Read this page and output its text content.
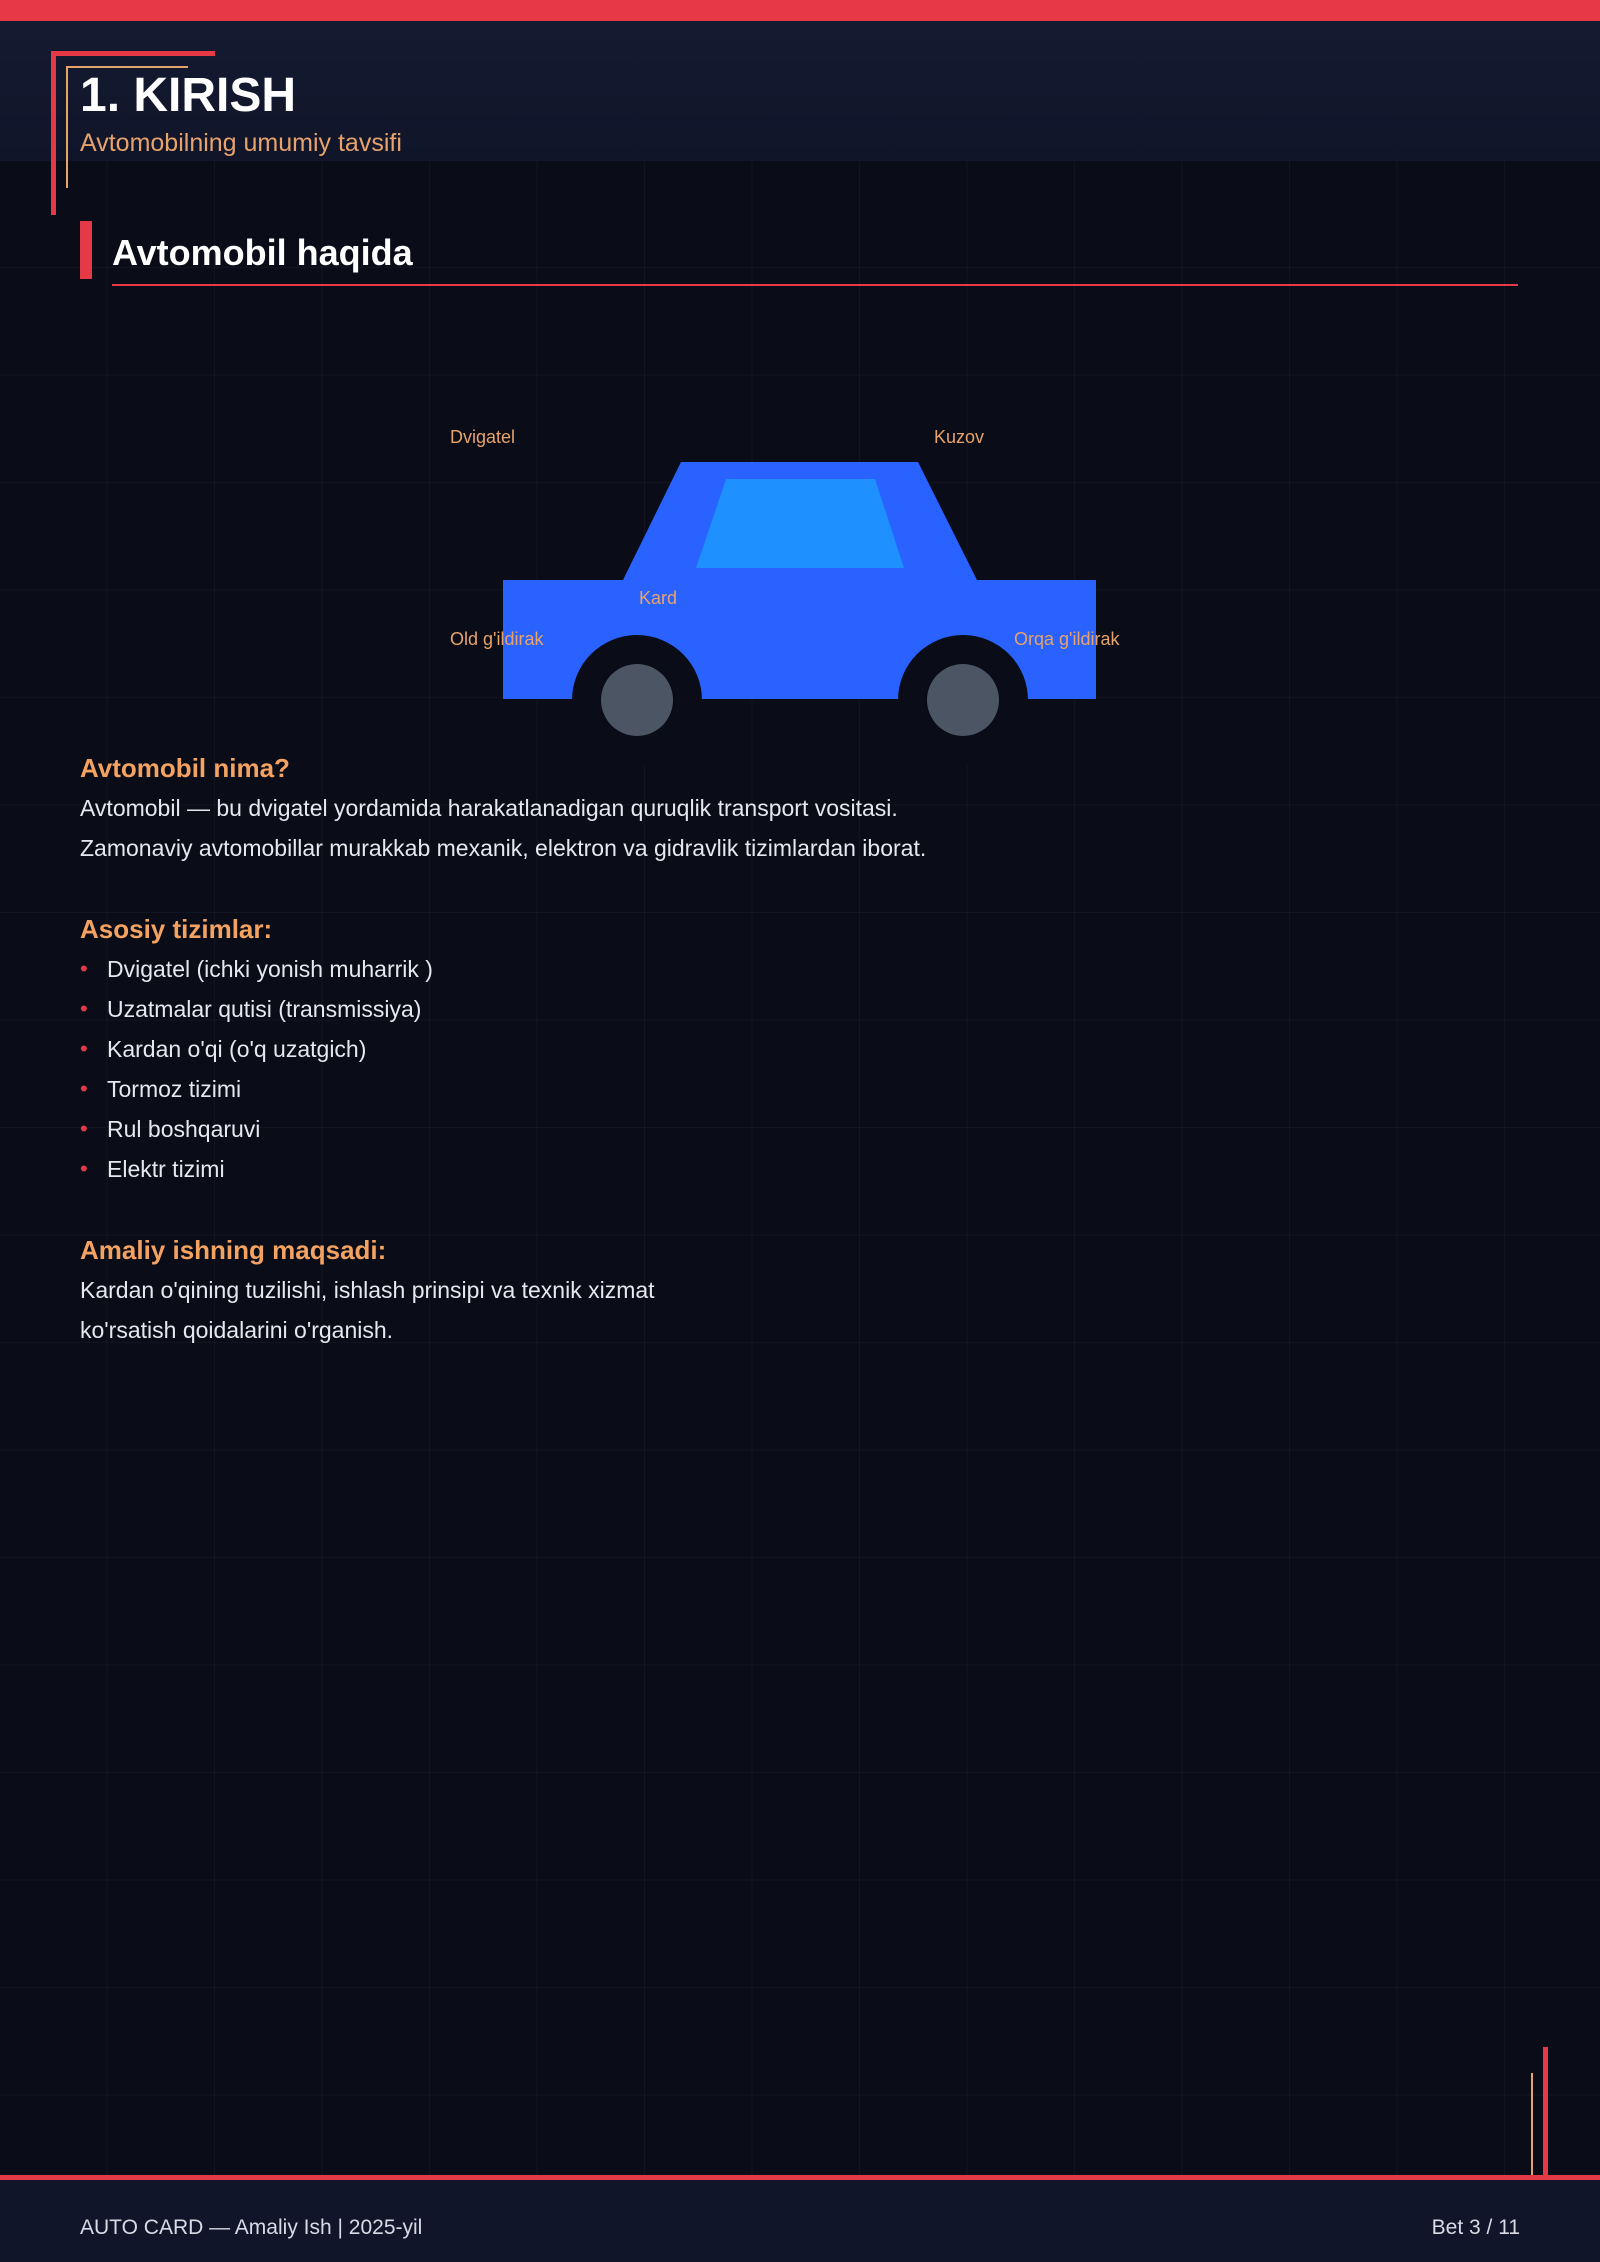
1. KIRISH
Avtomobilning umumiy tavsifi
Avtomobil haqida
Dvigatel	Kuzov
Kard
Old g'ildirak	Orqa g'ildirak
Avtomobil nima?
Avtomobil — bu dvigatel yordamida harakatlanadigan quruqlik transport vositasi.
Zamonaviy avtomobillar murakkab mexanik, elektron va gidravlik tizimlardan iborat.
Asosiy tizimlar:
• Dvigatel (ichki yonish muharrik )
• Uzatmalar qutisi (transmissiya)
• Kardan o'qi (o'q uzatgich)
• Tormoz tizimi
• Rul boshqaruvi
• Elektr tizimi
Amaliy ishning maqsadi:
Kardan o'qining tuzilishi, ishlash prinsipi va texnik xizmat
ko'rsatish qoidalarini o'rganish.
AUTO CARD — Amaliy Ish | 2025-yil	Bet 3 / 11
